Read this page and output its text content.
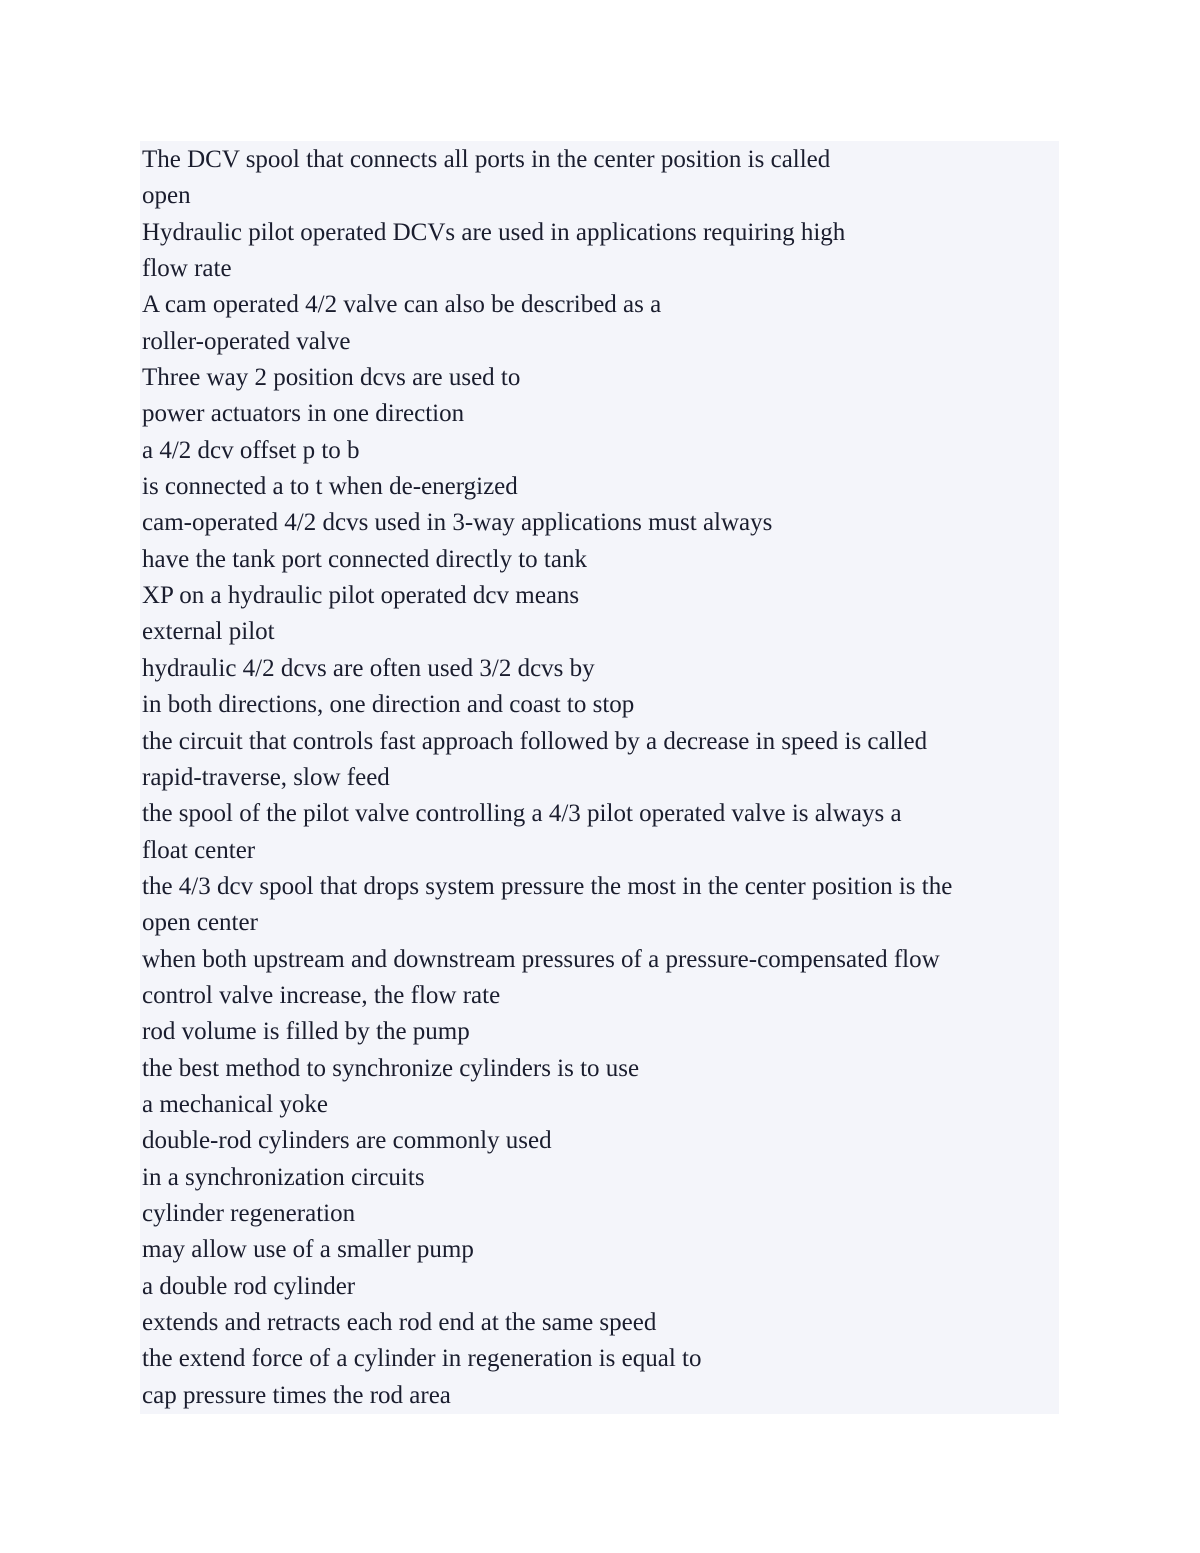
The DCV spool that connects all ports in the center position is called
open
Hydraulic pilot operated DCVs are used in applications requiring high
flow rate
A cam operated 4/2 valve can also be described as a
roller-operated valve
Three way 2 position dcvs are used to
power actuators in one direction
a 4/2 dcv offset p to b
is connected a to t when de-energized
cam-operated 4/2 dcvs used in 3-way applications must always
have the tank port connected directly to tank
XP on a hydraulic pilot operated dcv means
external pilot
hydraulic 4/2 dcvs are often used 3/2 dcvs by
in both directions, one direction and coast to stop
the circuit that controls fast approach followed by a decrease in speed is called
rapid-traverse, slow feed
the spool of the pilot valve controlling a 4/3 pilot operated valve is always a
float center
the 4/3 dcv spool that drops system pressure the most in the center position is the
open center
when both upstream and downstream pressures of a pressure-compensated flow
control valve increase, the flow rate
rod volume is filled by the pump
the best method to synchronize cylinders is to use
a mechanical yoke
double-rod cylinders are commonly used
in a synchronization circuits
cylinder regeneration
may allow use of a smaller pump
a double rod cylinder
extends and retracts each rod end at the same speed
the extend force of a cylinder in regeneration is equal to
cap pressure times the rod area
